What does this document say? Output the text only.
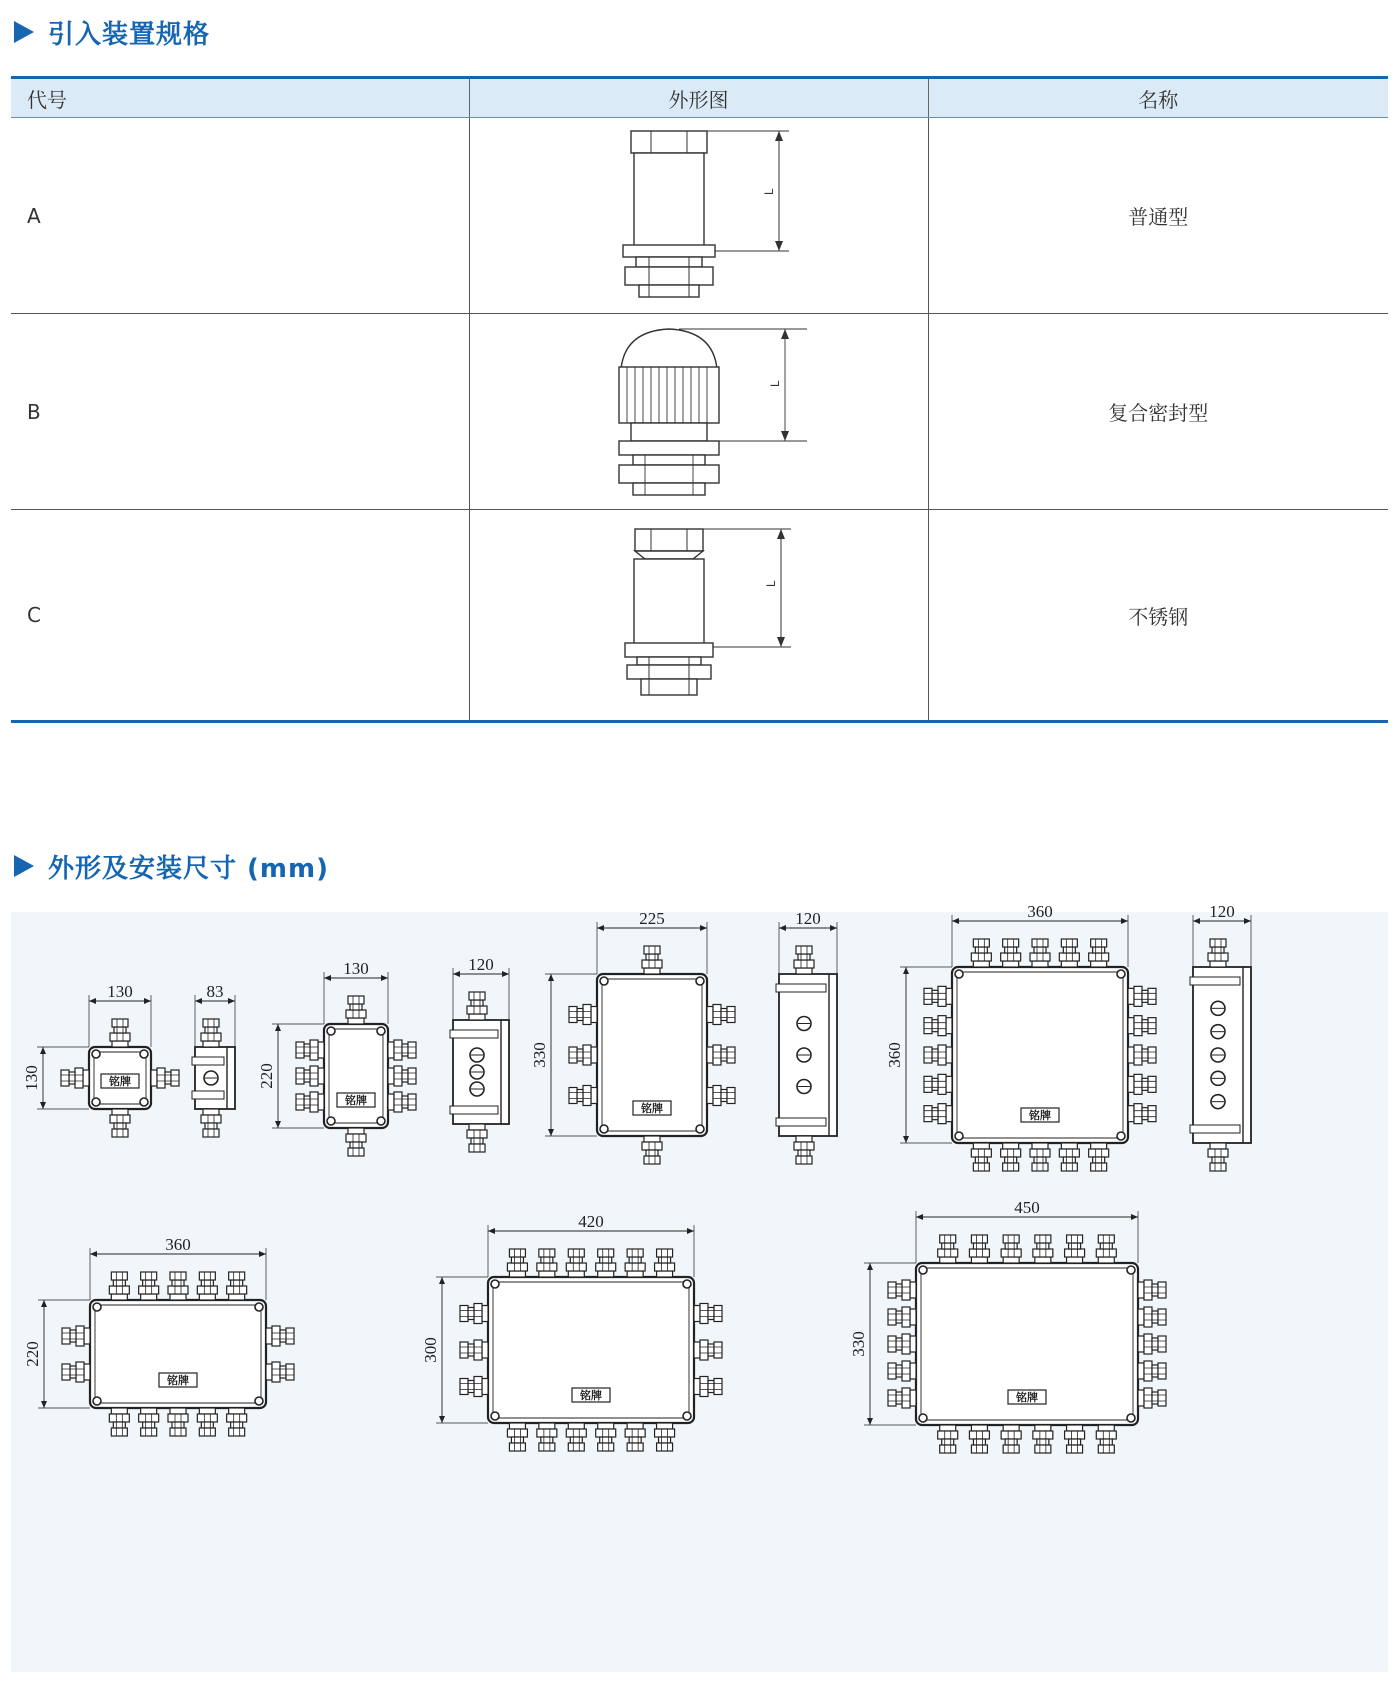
引入装置规格
代号	外形图	名称
A	L	普通型
B	L	复合密封型
C	L	不锈钢
外形及安装尺寸 (mm)
130
130	铭牌
83
130
220
铭牌
120
225
330
铭牌
120	360
360
铭牌
120
360
220
铭牌
420
300
铭牌
450
330
铭牌
